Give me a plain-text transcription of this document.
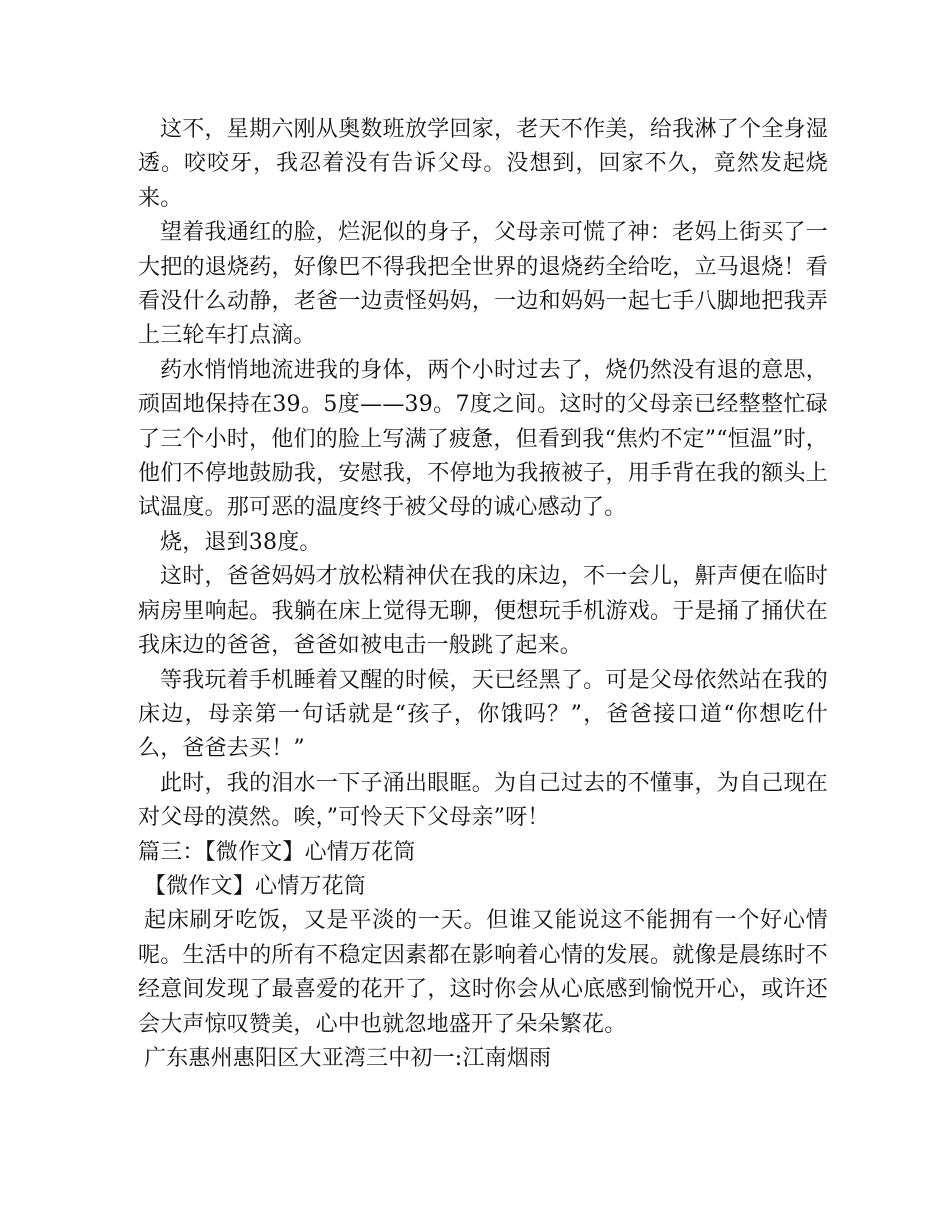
这不，星期六刚从奥数班放学回家，老天不作美，给我淋了个全身湿透。咬咬牙，我忍着没有告诉父母。没想到，回家不久，竟然发起烧来。

望着我通红的脸，烂泥似的身子，父母亲可慌了神：老妈上街买了一大把的退烧药，好像巴不得我把全世界的退烧药全给吃，立马退烧！看看没什么动静，老爸一边责怪妈妈，一边和妈妈一起七手八脚地把我弄上三轮车打点滴。

药水悄悄地流进我的身体，两个小时过去了，烧仍然没有退的意思，顽固地保持在39。5度——39。7度之间。这时的父母亲已经整整忙碌了三个小时，他们的脸上写满了疲惫，但看到我“焦灼不定”“恒温”时，他们不停地鼓励我，安慰我，不停地为我掖被子，用手背在我的额头上试温度。那可恶的温度终于被父母的诚心感动了。

烧，退到38度。

这时，爸爸妈妈才放松精神伏在我的床边，不一会儿，鼾声便在临时病房里响起。我躺在床上觉得无聊，便想玩手机游戏。于是捅了捅伏在我床边的爸爸，爸爸如被电击一般跳了起来。

等我玩着手机睡着又醒的时候，天已经黑了。可是父母依然站在我的床边，母亲第一句话就是“孩子，你饿吗？”，爸爸接口道“你想吃什么，爸爸去买！”

此时，我的泪水一下子涌出眼眶。为自己过去的不懂事，为自己现在对父母的漠然。唉，”可怜天下父母亲”呀！

篇三：【微作文】心情万花筒

【微作文】心情万花筒

起床刷牙吃饭，又是平淡的一天。但谁又能说这不能拥有一个好心情呢。生活中的所有不稳定因素都在影响着心情的发展。就像是晨练时不经意间发现了最喜爱的花开了，这时你会从心底感到愉悦开心，或许还会大声惊叹赞美，心中也就忽地盛开了朵朵繁花。

广东惠州惠阳区大亚湾三中初一:江南烟雨
